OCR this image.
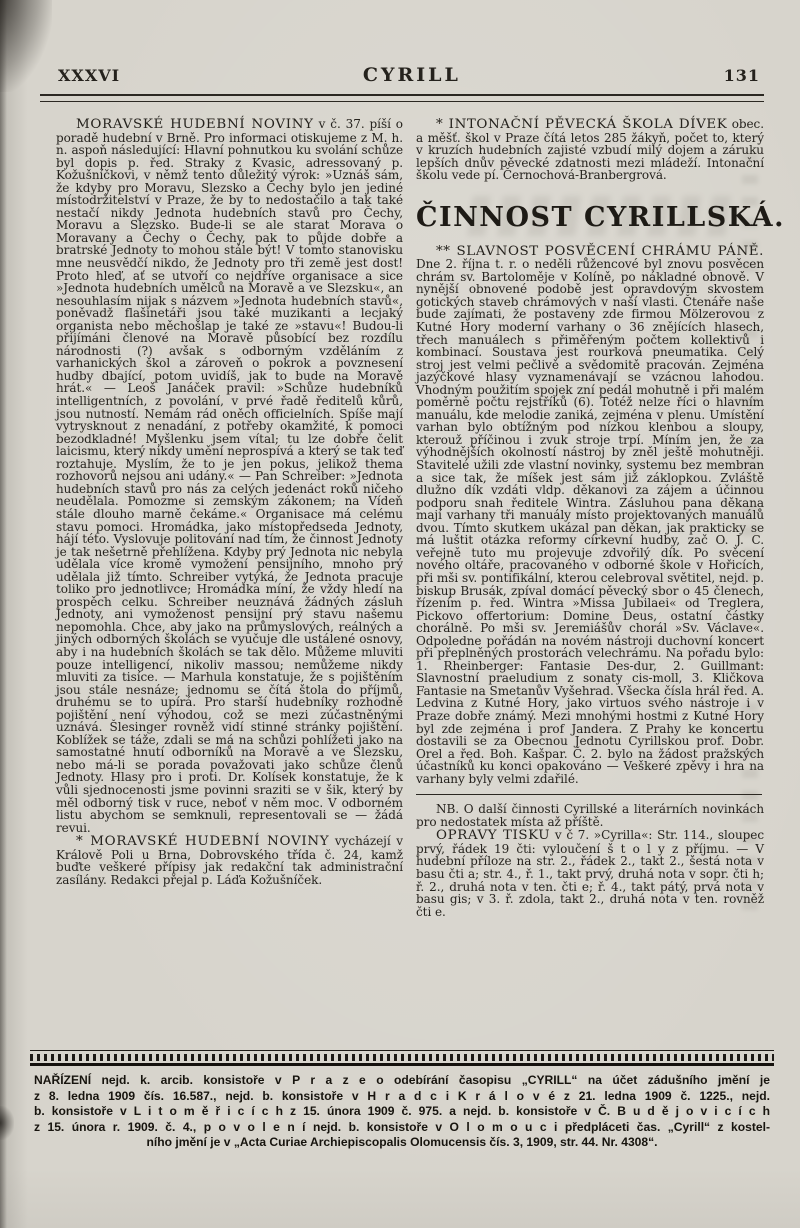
XXXVI	CYRILL	131

MORAVSKÉ HUDEBNÍ NOVINY v č. 37. píší o poradě hudební v Brně. Pro informaci otiskujeme z M. h. n. aspoň následující: Hlavní pohnutkou ku svolání schůze byl dopis p. řed. Straky z Kvasic, adressovaný p. Kožušníčkovi, v němž tento důležitý výrok: »Uznáš sám, že kdyby pro Moravu, Slezsko a Čechy bylo jen jediné místodržitelství v Praze, že by to nedostačilo a tak také nestačí nikdy Jednota hudebních stavů pro Čechy, Moravu a Slezsko. Bude-li se ale starat Morava o Moravany a Čechy o Čechy, pak to půjde dobře a bratrské Jednoty to mohou stále být! V tomto stanovisku mne neusvědčí nikdo, že Jednoty pro tři země jest dost! Proto hleď, ať se utvoří co nejdříve organisace a sice »Jednota hudebních umělců na Moravě a ve Slezsku«, an nesouhlasím nijak s názvem »Jednota hudebních stavů«, poněvadž flašinetáři jsou také muzikanti a lecjaký organista nebo měchošlap je také ze »stavu«! Budou-li přijímáni členové na Moravě působící bez rozdílu národnosti (?) avšak s odborným vzděláním z varhanických škol a zároveň o pokrok a povznesení hudby dbající, potom uvidíš, jak to bude na Moravě hrát.« — Leoš Janáček pravil: »Schůze hudebníků intelligentních, z povolání, v prvé řadě ředitelů kůrů, jsou nutností. Nemám rád oněch officielních. Spíše mají vytrysknout z nenadání, z potřeby okamžité, k pomoci bezodkladné! Myšlenku jsem vítal; tu lze dobře čelit laicismu, který nikdy umění neprospívá a který se tak teď roztahuje. Myslím, že to je jen pokus, jelikož thema rozhovorů nejsou ani udány.« — Pan Schreiber: »Jednota hudebních stavů pro nás za celých jedenáct roků ničeho neudělala. Pomozme si zemským zákonem; na Vídeň stále dlouho marně čekáme.« Organisace má celému stavu pomoci. Hromádka, jako místopředseda Jednoty, hájí této. Vyslovuje politování nad tím, že činnost Jednoty je tak nešetrně přehlížena. Kdyby prý Jednota nic nebyla udělala více kromě vymožení pensijního, mnoho prý udělala již tímto. Schreiber vytýká, že Jednota pracuje toliko pro jednotlivce; Hromádka míní, že vždy hledí na prospěch celku. Schreiber neuznává žádných zásluh Jednoty, ani vymoženost pensijní prý stavu našemu nepomohla. Chce, aby jako na průmyslových, reálných a jiných odborných školách se vyučuje dle ustálené osnovy, aby i na hudebních školách se tak dělo. Můžeme mluviti pouze intelligencí, nikoliv massou; nemůžeme nikdy mluviti za tisíce. — Marhula konstatuje, že s pojištěním jsou stále nesnáze; jednomu se čítá štola do příjmů, druhému se to upírá. Pro starší hudebníky rozhodně pojištění není výhodou, což se mezi zúčastněnými uznává. Šlesinger rovněž vidí stinné stránky pojištění. Koblížek se táže, zdali se má na schůzi pohlížeti jako na samostatné hnutí odborníků na Moravě a ve Slezsku, nebo má-li se porada považovati jako schůze členů Jednoty. Hlasy pro i proti. Dr. Kolísek konstatuje, že k vůli sjednocenosti jsme povinni sraziti se v šik, který by měl odborný tisk v ruce, neboť v něm moc. V odborném listu abychom se semknuli, representovali se — žádá revui.

* MORAVSKÉ HUDEBNÍ NOVINY vycházejí v Králově Poli u Brna, Dobrovského třída č. 24, kamž buďte veškeré přípisy jak redakční tak administrační zasílány. Redakci přejal p. Láďa Kožušníček.

* INTONAČNÍ PĚVECKÁ ŠKOLA DÍVEK obec. a měšť. škol v Praze čítá letos 285 žákyň, počet to, který v kruzích hudebních zajisté vzbudí milý dojem a záruku lepších dnův pěvecké zdatnosti mezi mládeží. Intonační školu vede pí. Černochová-Branbergrová.

ČINNOST CYRILLSKÁ.

** SLAVNOST POSVĚCENÍ CHRÁMU PÁNĚ. Dne 2. října t. r. o neděli růžencové byl znovu posvěcen chrám sv. Bartoloměje v Kolíně, po nákladné obnově. V nynější obnovené podobě jest opravdovým skvostem gotických staveb chrámových v naší vlasti. Čtenáře naše bude zajímati, že postaveny zde firmou Mölzerovou z Kutné Hory moderní varhany o 36 znějících hlasech, třech manuálech s přiměřeným počtem kollektivů i kombinací. Soustava jest rourková pneumatika. Celý stroj jest velmi pečlivě a svědomitě pracován. Zejména jazýčkové hlasy vyznamenávají se vzácnou lahodou. Vhodným použitím spojek zní pedál mohutně i při malém poměrně počtu rejstříků (6). Totéž nelze říci o hlavním manuálu, kde melodie zaniká, zejména v plenu. Umístění varhan bylo obtížným pod nízkou klenbou a sloupy, kterouž příčinou i zvuk stroje trpí. Míním jen, že za výhodnějších okolností nástroj by zněl ještě mohutněji. Stavitelé užili zde vlastní novinky, systemu bez membran a sice tak, že míšek jest sám již záklopkou. Zvláště dlužno dík vzdáti vldp. děkanovi za zájem a účinnou podporu snah ředitele Wintra. Zásluhou pana děkana mají varhany tři manuály místo projektovaných manuálů dvou. Tímto skutkem ukázal pan děkan, jak prakticky se má luštit otázka reformy církevní hudby, zač O. J. C. veřejně tuto mu projevuje zdvořilý dík. Po svěcení nového oltáře, pracovaného v odborné škole v Hořicích, při mši sv. pontifikální, kterou celebroval světitel, nejd. p. biskup Brusák, zpíval domácí pěvecký sbor o 45 členech, řízením p. řed. Wintra »Missa Jubilaei« od Treglera, Pickovo offertorium: Domine Deus, ostatní částky chorálně. Po mši sv. Jeremiášův chorál »Sv. Václave«. Odpoledne pořádán na novém nástroji duchovní koncert při přeplněných prostorách velechrámu. Na pořadu bylo: 1. Rheinberger: Fantasie Des-dur, 2. Guillmant: Slavnostní praeludium z sonaty cis-moll, 3. Kličkova Fantasie na Smetanův Vyšehrad. Všecka čísla hrál řed. A. Ledvina z Kutné Hory, jako virtuos svého nástroje i v Praze dobře známý. Mezi mnohými hostmi z Kutné Hory byl zde zejména i prof Jandera. Z Prahy ke koncertu dostavili se za Obecnou Jednotu Cyrillskou prof. Dobr. Orel a řed. Boh. Kašpar. Č. 2. bylo na žádost pražských účastníků ku konci opakováno — Veškeré zpěvy i hra na varhany byly velmi zdařilé.

NB. O další činnosti Cyrillské a literárních novinkách pro nedostatek místa až příště.

OPRAVY TISKU v č 7. »Cyrilla«: Str. 114., sloupec prvý, řádek 19 čti: vyloučení š t o l y z příjmu. — V hudební příloze na str. 2., řádek 2., takt 2., šestá nota v basu čti a; str. 4., ř. 1., takt prvý, druhá nota v sopr. čti h; ř. 2., druhá nota v ten. čti e; ř. 4., takt pátý, prvá nota v basu gis; v 3. ř. zdola, takt 2., druhá nota v ten. rovněž čti e.

NAŘÍZENÍ nejd. k. arcib. konsistoře v P r a z e o odebírání časopisu „CYRILL“ na účet zádušního jmění je
z 8. ledna 1909 čís. 16.587., nejd. b. konsistoře v H r a d c i K r á l o v é z 21. ledna 1909 č. 1225., nejd.
b. konsistoře v L i t o m ě ř i c í c h z 15. února 1909 č. 975. a nejd. b. konsistoře v Č. B u d ě j o v i c í c h
z 15. února r. 1909. č. 4., p o v o l e n í nejd. b. konsistoře v O l o m o u c i předpláceti čas. „Cyrill“ z kostel-
ního jmění je v „Acta Curiae Archiepiscopalis Olomucensis čís. 3, 1909, str. 44. Nr. 4308“.
